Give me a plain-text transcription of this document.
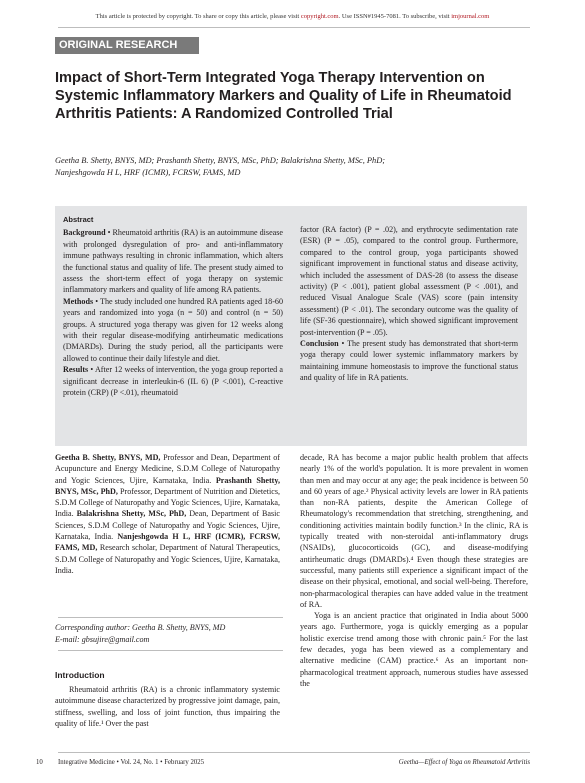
This article is protected by copyright. To share or copy this article, please visit copyright.com. Use ISSN#1945-7081. To subscribe, visit imjournal.com
ORIGINAL RESEARCH
Impact of Short-Term Integrated Yoga Therapy Intervention on Systemic Inflammatory Markers and Quality of Life in Rheumatoid Arthritis Patients: A Randomized Controlled Trial
Geetha B. Shetty, BNYS, MD; Prashanth Shetty, BNYS, MSc, PhD; Balakrishna Shetty, MSc, PhD;
Nanjeshgowda H L, HRF (ICMR), FCRSW, FAMS, MD
Abstract
Background • Rheumatoid arthritis (RA) is an autoimmune disease with prolonged dysregulation of pro- and anti-inflammatory immune pathways resulting in chronic inflammation, which alters the functional status and quality of life. The present study aimed to assess the short-term effect of yoga therapy on systemic inflammatory markers and quality of life among RA patients.
Methods • The study included one hundred RA patients aged 18-60 years and randomized into yoga (n = 50) and control (n = 50) groups. A structured yoga therapy was given for 12 weeks along with their regular disease-modifying antirheumatic medications (DMARDs). During the study period, all the participants were allowed to continue their daily lifestyle and diet.
Results • After 12 weeks of intervention, the yoga group reported a significant decrease in interleukin-6 (IL 6) (P <.001), C-reactive protein (CRP) (P <.01), rheumatoid
factor (RA factor) (P = .02), and erythrocyte sedimentation rate (ESR) (P = .05), compared to the control group. Furthermore, compared to the control group, yoga participants showed significant improvement in functional status and disease activity, which included the assessment of DAS-28 (to assess the disease activity) (P < .001), patient global assessment (P < .001), and reduced Visual Analogue Scale (VAS) score (pain intensity assessment) (P < .01). The secondary outcome was the quality of life (SF-36 questionnaire), which showed significant improvement post-intervention (P = .05).
Conclusion • The present study has demonstrated that short-term yoga therapy could lower systemic inflammatory markers by maintaining immune homeostasis to improve the functional status and quality of life in RA patients.

Geetha B. Shetty, BNYS, MD, Professor and Dean, Department of Acupuncture and Energy Medicine, S.D.M College of Naturopathy and Yogic Sciences, Ujire, Karnataka, India. Prashanth Shetty, BNYS, MSc, PhD, Professor, Department of Nutrition and Dietetics, S.D.M College of Naturopathy and Yogic Sciences, Ujire, Karnataka, India. Balakrishna Shetty, MSc, PhD, Dean, Department of Basic Sciences, S.D.M College of Naturopathy and Yogic Sciences, Ujire, Karnataka, India. Nanjeshgowda H L, HRF (ICMR), FCRSW, FAMS, MD, Research scholar, Department of Natural Therapeutics, S.D.M College of Naturopathy and Yogic Sciences, Ujire, Karnataka, India.

Corresponding author: Geetha B. Shetty, BNYS, MD
E-mail: gbsujire@gmail.com
Introduction

Rheumatoid arthritis (RA) is a chronic inflammatory systemic autoimmune disease characterized by progressive joint damage, pain, stiffness, swelling, and loss of joint function, thus impairing the quality of life.¹ Over the past

decade, RA has become a major public health problem that affects nearly 1% of the world's population. It is more prevalent in women than men and may occur at any age; the peak incidence is between 50 and 60 years of age.² Physical activity levels are lower in RA patients than non-RA patients, despite the American College of Rheumatology's recommendation that stretching, strengthening, and conditioning activities maintain bodily function.³ In the clinic, RA is typically treated with non-steroidal anti-inflammatory drugs (NSAIDs), glucocorticoids (GC), and disease-modifying antirheumatic drugs (DMARDs).⁴ Even though these strategies are successful, many patients still experience a significant impact of the disease on their physical, emotional, and social well-being. Therefore, non-pharmacological therapies can have added value in the treatment of RA.

Yoga is an ancient practice that originated in India about 5000 years ago. Furthermore, yoga is quickly emerging as a popular holistic exercise trend among those with chronic pain.⁵ For the last few decades, yoga has been viewed as a complementary and alternative medicine (CAM) practice.⁶ As an important non-pharmacological treatment approach, numerous studies have assessed the

10 Integrative Medicine • Vol. 24, No. 1 • February 2025	Geetha—Effect of Yoga on Rheumatoid Arthritis
